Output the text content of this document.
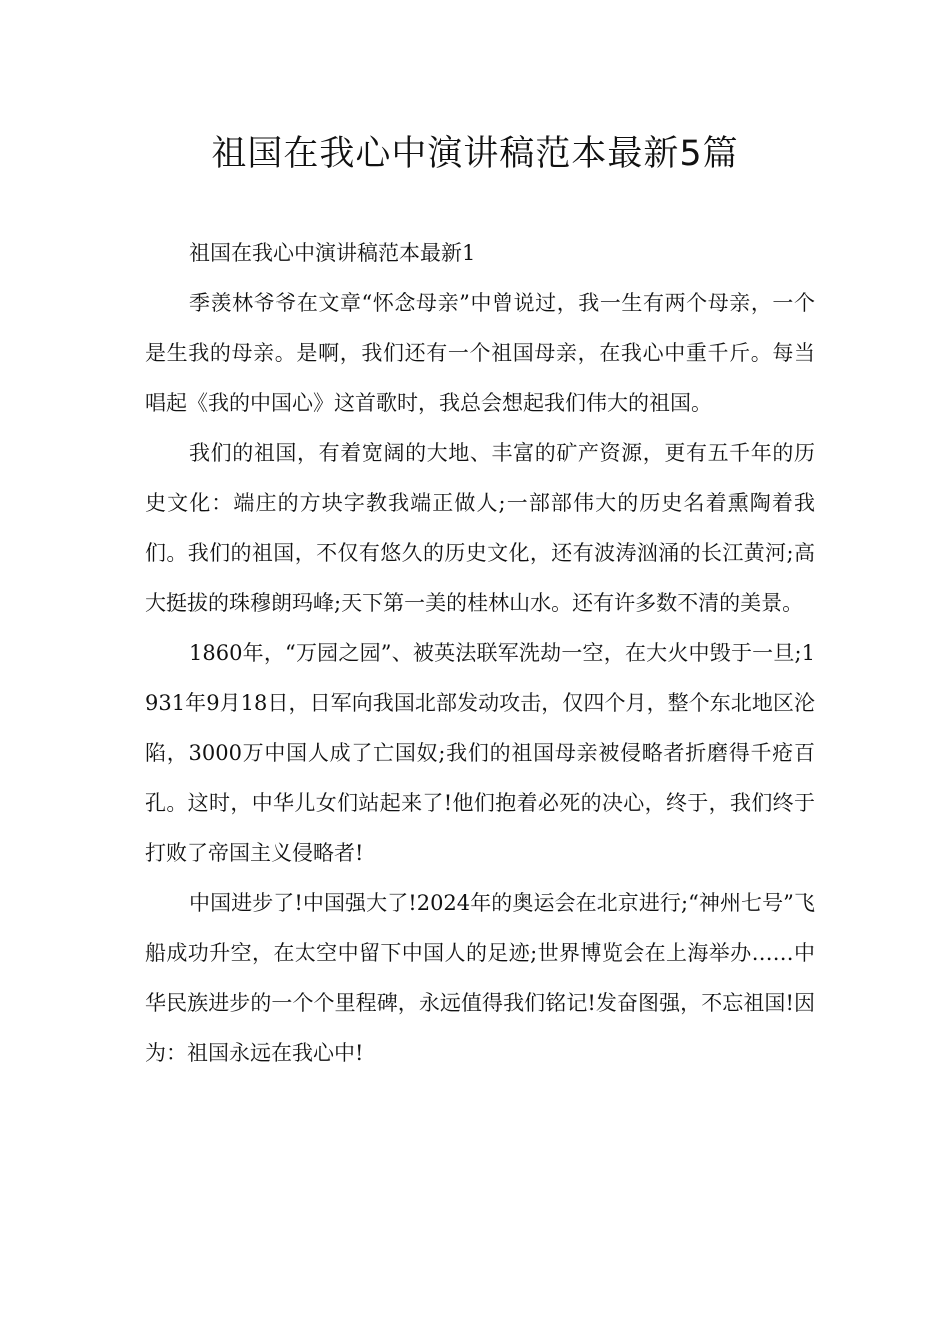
祖国在我心中演讲稿范本最新5篇

祖国在我心中演讲稿范本最新1

季羡林爷爷在文章“怀念母亲”中曾说过，我一生有两个母亲，一个是生我的母亲。是啊，我们还有一个祖国母亲，在我心中重千斤。每当唱起《我的中国心》这首歌时，我总会想起我们伟大的祖国。

我们的祖国，有着宽阔的大地、丰富的矿产资源，更有五千年的历史文化：端庄的方块字教我端正做人;一部部伟大的历史名着熏陶着我们。我们的祖国，不仅有悠久的历史文化，还有波涛汹涌的长江黄河;高大挺拔的珠穆朗玛峰;天下第一美的桂林山水。还有许多数不清的美景。

1860年，“万园之园”、被英法联军洗劫一空，在大火中毁于一旦;1931年9月18日，日军向我国北部发动攻击，仅四个月，整个东北地区沦陷，3000万中国人成了亡国奴;我们的祖国母亲被侵略者折磨得千疮百孔。这时，中华儿女们站起来了!他们抱着必死的决心，终于，我们终于打败了帝国主义侵略者!

中国进步了!中国强大了!2024年的奥运会在北京进行;“神州七号”飞船成功升空，在太空中留下中国人的足迹;世界博览会在上海举办……中华民族进步的一个个里程碑，永远值得我们铭记!发奋图强，不忘祖国!因为：祖国永远在我心中!
